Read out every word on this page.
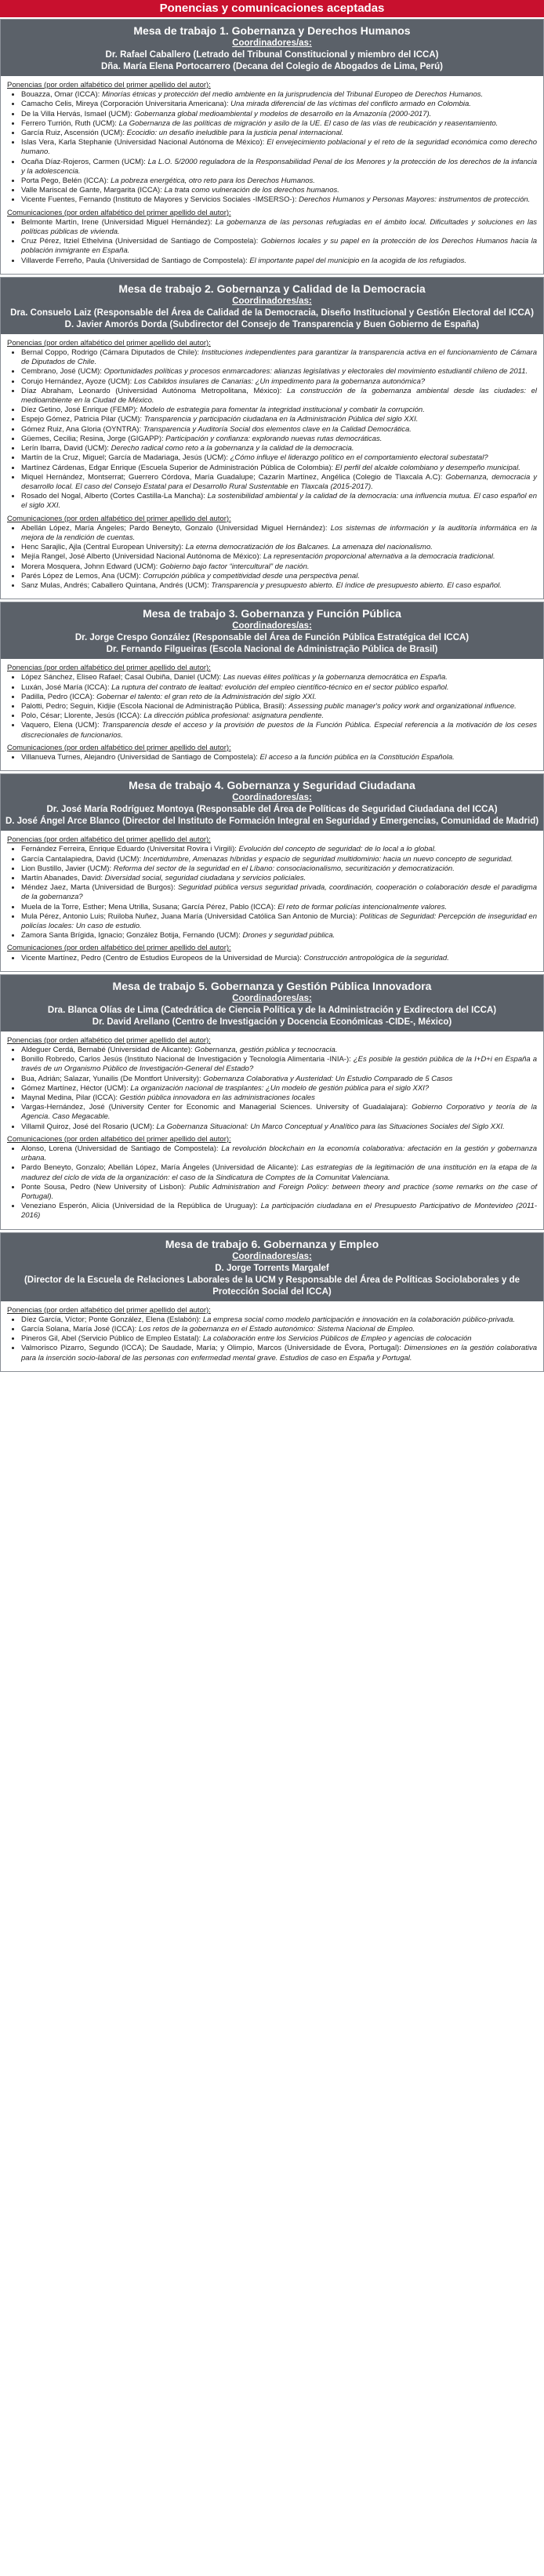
Ponencias y comunicaciones aceptadas
Mesa de trabajo 1. Gobernanza y Derechos Humanos
Coordinadores/as:
Dr. Rafael Caballero (Letrado del Tribunal Constitucional y miembro del ICCA)
Dña. María Elena Portocarrero (Decana del Colegio de Abogados de Lima, Perú)
Ponencias (por orden alfabético del primer apellido del autor):
• Bouazza, Omar (ICCA): Minorías étnicas y protección del medio ambiente en la jurisprudencia del Tribunal Europeo de Derechos Humanos.
• Camacho Celis, Mireya (Corporación Universitaria Americana): Una mirada diferencial de las víctimas del conflicto armado en Colombia.
• De la Villa Hervás, Ismael (UCM): Gobernanza global medioambiental y modelos de desarrollo en la Amazonía (2000-2017).
• Ferrero Turrión, Ruth (UCM): La Gobernanza de las políticas de migración y asilo de la UE. El caso de las vías de reubicación y reasentamiento.
• García Ruiz, Ascensión (UCM): Ecocidio: un desafío ineludible para la justicia penal internacional.
• Islas Vera, Karla Stephanie (Universidad Nacional Autónoma de México): El envejecimiento poblacional y el reto de la seguridad económica como derecho humano.
• Ocaña Díaz-Rojeros, Carmen (UCM): La L.O. 5/2000 reguladora de la Responsabilidad Penal de los Menores y la protección de los derechos de la infancia y la adolescencia.
• Porta Pego, Belén (ICCA): La pobreza energética, otro reto para los Derechos Humanos.
• Valle Mariscal de Gante, Margarita (ICCA): La trata como vulneración de los derechos humanos.
• Vicente Fuentes, Fernando (Instituto de Mayores y Servicios Sociales -IMSERSO-): Derechos Humanos y Personas Mayores: instrumentos de protección.
Comunicaciones (por orden alfabético del primer apellido del autor):
• Belmonte Martín, Irene (Universidad Miguel Hernández): La gobernanza de las personas refugiadas en el ámbito local. Dificultades y soluciones en las políticas públicas de vivienda.
• Cruz Pérez, Itziel Ethelvina (Universidad de Santiago de Compostela): Gobiernos locales y su papel en la protección de los Derechos Humanos hacia la población inmigrante en España.
• Villaverde Ferreño, Paula (Universidad de Santiago de Compostela): El importante papel del municipio en la acogida de los refugiados.
Mesa de trabajo 2. Gobernanza y Calidad de la Democracia
Coordinadores/as:
Dra. Consuelo Laiz (Responsable del Área de Calidad de la Democracia, Diseño Institucional y Gestión Electoral del ICCA)
D. Javier Amorós Dorda (Subdirector del Consejo de Transparencia y Buen Gobierno de España)
Ponencias (por orden alfabético del primer apellido del autor):
• Bernal Coppo, Rodrigo (Cámara Diputados de Chile): Instituciones independientes para garantizar la transparencia activa en el funcionamiento de Cámara de Diputados de Chile.
• Cembrano, José (UCM): Oportunidades políticas y procesos enmarcadores: alianzas legislativas y electorales del movimiento estudiantil chileno de 2011.
• Corujo Hernández, Ayoze (UCM): Los Cabildos insulares de Canarias: ¿Un impedimento para la gobernanza autonómica?
• Díaz Abraham, Leonardo (Universidad Autónoma Metropolitana, México): La construcción de la gobernanza ambiental desde las ciudades: el medioambiente en la Ciudad de México.
• Díez Getino, José Enrique (FEMP): Modelo de estrategia para fomentar la integridad institucional y combatir la corrupción.
• Espejo Gómez, Patricia Pilar (UCM): Transparencia y participación ciudadana en la Administración Pública del siglo XXI.
• Gómez Ruiz, Ana Gloria (OYNTRA): Transparencia y Auditoría Social dos elementos clave en la Calidad Democrática.
• Güemes, Cecilia; Resina, Jorge (GIGAPP): Participación y confianza: explorando nuevas rutas democráticas.
• Lerín Ibarra, David (UCM): Derecho radical como reto a la gobernanza y la calidad de la democracia.
• Martín de la Cruz, Miguel; García de Madariaga, Jesús (UCM): ¿Cómo influye el liderazgo político en el comportamiento electoral subestatal?
• Martínez Cárdenas, Edgar Enrique (Escuela Superior de Administración Pública de Colombia): El perfil del alcalde colombiano y desempeño municipal.
• Miquel Hernández, Montserrat; Guerrero Córdova, María Guadalupe; Cazarín Martínez, Angélica (Colegio de Tlaxcala A.C): Gobernanza, democracia y desarrollo local. El caso del Consejo Estatal para el Desarrollo Rural Sustentable en Tlaxcala (2015-2017).
• Rosado del Nogal, Alberto (Cortes Castilla-La Mancha): La sostenibilidad ambiental y la calidad de la democracia: una influencia mutua. El caso español en el siglo XXI.
Comunicaciones (por orden alfabético del primer apellido del autor):
• Abellán López, María Ángeles; Pardo Beneyto, Gonzalo (Universidad Miguel Hernández): Los sistemas de información y la auditoría informática en la mejora de la rendición de cuentas.
• Henc Sarajlic, Ajla (Central European University): La eterna democratización de los Balcanes. La amenaza del nacionalismo.
• Mejía Rangel, José Alberto (Universidad Nacional Autónoma de México): La representación proporcional alternativa a la democracia tradicional.
• Morera Mosquera, Johnn Edward (UCM): Gobierno bajo factor “intercultural” de nación.
• Parés López de Lemos, Ana (UCM): Corrupción pública y competitividad desde una perspectiva penal.
• Sanz Mulas, Andrés; Caballero Quintana, Andrés (UCM): Transparencia y presupuesto abierto. El índice de presupuesto abierto. El caso español.
Mesa de trabajo 3. Gobernanza y Función Pública
Coordinadores/as:
Dr. Jorge Crespo González (Responsable del Área de Función Pública Estratégica del ICCA)
Dr. Fernando Filgueiras (Escola Nacional de Administração Pública de Brasil)
Ponencias (por orden alfabético del primer apellido del autor):
• López Sánchez, Eliseo Rafael; Casal Oubiña, Daniel (UCM): Las nuevas élites políticas y la gobernanza democrática en España.
• Luxán, José María (ICCA): La ruptura del contrato de lealtad: evolución del empleo científico-técnico en el sector público español.
• Padilla, Pedro (ICCA): Gobernar el talento: el gran reto de la Administración del siglo XXI.
• Palotti, Pedro; Seguin, Kidjie (Escola Nacional de Administração Pública, Brasil): Assessing public manager's policy work and organizational influence.
• Polo, César; Llorente, Jesús (ICCA): La dirección pública profesional: asignatura pendiente.
• Vaquero, Elena (UCM): Transparencia desde el acceso y la provisión de puestos de la Función Pública. Especial referencia a la motivación de los ceses discrecionales de funcionarios.
Comunicaciones (por orden alfabético del primer apellido del autor):
• Villanueva Turnes, Alejandro (Universidad de Santiago de Compostela): El acceso a la función pública en la Constitución Española.
Mesa de trabajo 4. Gobernanza y Seguridad Ciudadana
Coordinadores/as:
Dr. José María Rodríguez Montoya (Responsable del Área de Políticas de Seguridad Ciudadana del ICCA)
D. José Ángel Arce Blanco (Director del Instituto de Formación Integral en Seguridad y Emergencias, Comunidad de Madrid)
Ponencias (por orden alfabético del primer apellido del autor):
• Fernández Ferreira, Enrique Eduardo (Universitat Rovira i Virgili): Evolución del concepto de seguridad: de lo local a lo global.
• García Cantalapiedra, David (UCM): Incertidumbre, Amenazas híbridas y espacio de seguridad multidominio: hacia un nuevo concepto de seguridad.
• Lion Bustillo, Javier (UCM): Reforma del sector de la seguridad en el Líbano: consociacionalismo, securitización y democratización.
• Martín Abanades, David: Diversidad social, seguridad ciudadana y servicios policiales.
• Méndez Jaez, Marta (Universidad de Burgos): Seguridad pública versus seguridad privada, coordinación, cooperación o colaboración desde el paradigma de la gobernanza?
• Muela de la Torre, Esther; Mena Utrilla, Susana; García Pérez, Pablo (ICCA): El reto de formar policías intencionalmente valores.
• Mula Pérez, Antonio Luis; Ruiloba Nuñez, Juana María (Universidad Católica San Antonio de Murcia): Políticas de Seguridad: Percepción de inseguridad en policías locales: Un caso de estudio.
• Zamora Santa Brígida, Ignacio; González Botija, Fernando (UCM): Drones y seguridad pública.
Comunicaciones (por orden alfabético del primer apellido del autor):
• Vicente Martínez, Pedro (Centro de Estudios Europeos de la Universidad de Murcia): Construcción antropológica de la seguridad.
Mesa de trabajo 5. Gobernanza y Gestión Pública Innovadora
Coordinadores/as:
Dra. Blanca Olías de Lima (Catedrática de Ciencia Política y de la Administración y Exdirectora del ICCA)
Dr. David Arellano (Centro de Investigación y Docencia Económicas -CIDE-, México)
Ponencias (por orden alfabético del primer apellido del autor):
• Aldeguer Cerdá, Bernabé (Universidad de Alicante): Gobernanza, gestión pública y tecnocracia.
• Bonillo Robredo, Carlos Jesús (Instituto Nacional de Investigación y Tecnología Alimentaria -INIA-): ¿Es posible la gestión pública de la I+D+i en España a través de un Organismo Público de Investigación-General del Estado?
• Bua, Adrián; Salazar, Yunailis (De Montfort University): Gobernanza Colaborativa y Austeridad: Un Estudio Comparado de 5 Casos
• Gómez Martínez, Héctor (UCM): La organización nacional de trasplantes: ¿Un modelo de gestión pública para el siglo XXI?
• Maynal Medina, Pilar (ICCA): Gestión pública innovadora en las administraciones locales
• Vargas-Hernández, José (University Center for Economic and Managerial Sciences. University of Guadalajara): Gobierno Corporativo y teoría de la Agencia. Caso Megacable.
• Villamil Quiroz, José del Rosario (UCM): La Gobernanza Situacional: Un Marco Conceptual y Analítico para las Situaciones Sociales del Siglo XXI.
Comunicaciones (por orden alfabético del primer apellido del autor):
• Alonso, Lorena (Universidad de Santiago de Compostela): La revolución blockchain en la economía colaborativa: afectación en la gestión y gobernanza urbana.
• Pardo Beneyto, Gonzalo; Abellán López, María Ángeles (Universidad de Alicante): Las estrategias de la legitimación de una institución en la etapa de la madurez del ciclo de vida de la organización: el caso de la Sindicatura de Comptes de la Comunitat Valenciana.
• Ponte Sousa, Pedro (New University of Lisbon): Public Administration and Foreign Policy: between theory and practice (some remarks on the case of Portugal).
• Veneziano Esperón, Alicia (Universidad de la República de Uruguay): La participación ciudadana en el Presupuesto Participativo de Montevideo (2011-2016)
Mesa de trabajo 6. Gobernanza y Empleo
Coordinadores/as:
D. Jorge Torrents Margalef
(Director de la Escuela de Relaciones Laborales de la UCM y Responsable del Área de Políticas Sociolaborales y de Protección Social del ICCA)
Ponencias (por orden alfabético del primer apellido del autor):
• Díez García, Víctor; Ponte González, Elena (Eslabón): La empresa social como modelo participación e innovación en la colaboración público-privada.
• García Solana, María José (ICCA): Los retos de la gobernanza en el Estado autonómico: Sistema Nacional de Empleo.
• Pineros Gil, Abel (Servicio Público de Empleo Estatal): La colaboración entre los Servicios Públicos de Empleo y agencias de colocación
• Valmorisco Pizarro, Segundo (ICCA); De Saudade, María; y Olimpio, Marcos (Universidade de Évora, Portugal): Dimensiones en la gestión colaborativa para la inserción socio-laboral de las personas con enfermedad mental grave. Estudios de caso en España y Portugal.
